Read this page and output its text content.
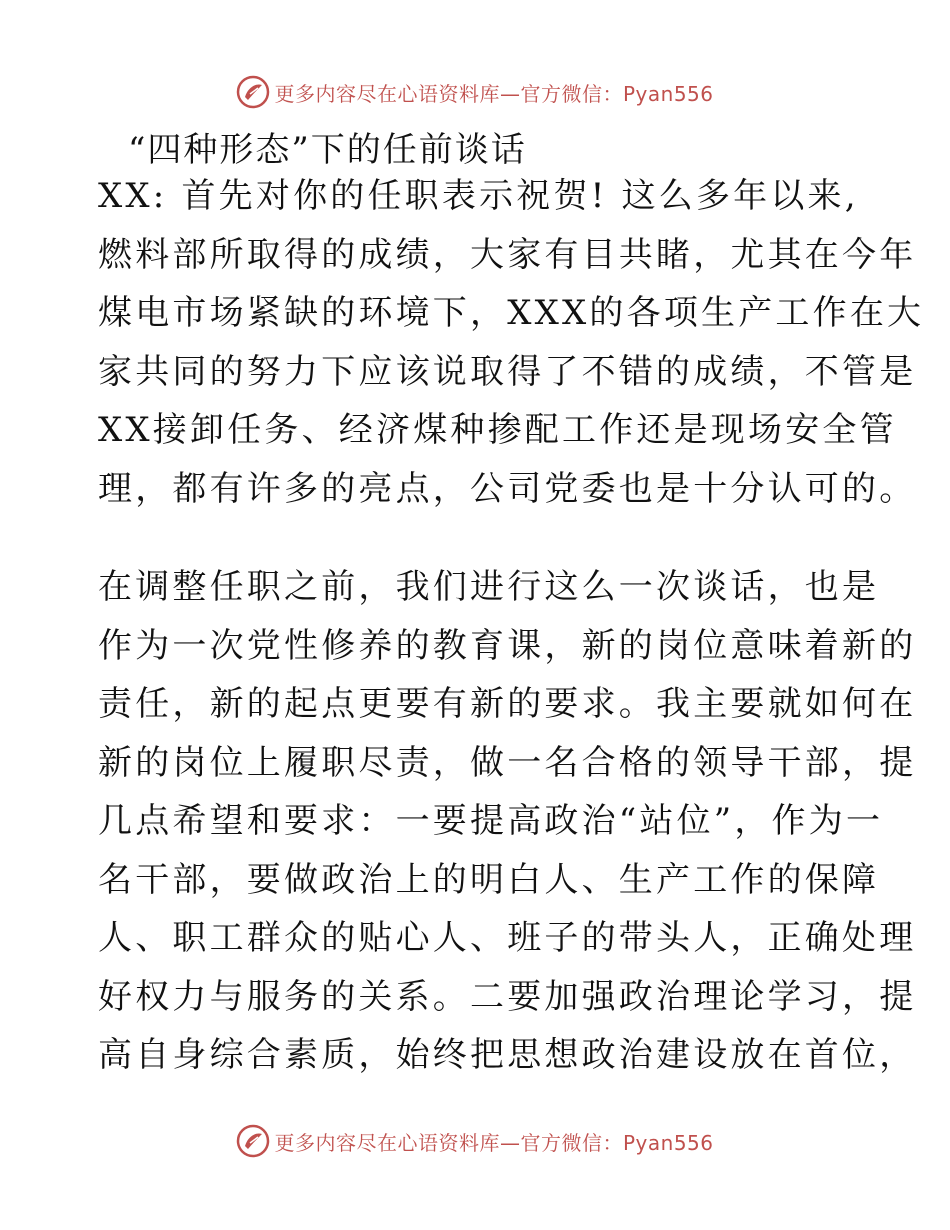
更多内容尽在心语资料库—官方微信：Pyan556
“四种形态”下的任前谈话
XX: 首先对你的任职表示祝贺! 这么多年以来,
燃料部所取得的成绩，大家有目共睹，尤其在今年
煤电市场紧缺的环境下，XXX的各项生产工作在大
家共同的努力下应该说取得了不错的成绩，不管是
XX接卸任务、经济煤种掺配工作还是现场安全管
理，都有许多的亮点，公司党委也是十分认可的。
在调整任职之前，我们进行这么一次谈话，也是
作为一次党性修养的教育课，新的岗位意味着新的
责任，新的起点更要有新的要求。我主要就如何在
新的岗位上履职尽责，做一名合格的领导干部，提
几点希望和要求：一要提高政治“站位”，作为一
名干部，要做政治上的明白人、生产工作的保障
人、职工群众的贴心人、班子的带头人，正确处理
好权力与服务的关系。二要加强政治理论学习，提
高自身综合素质，始终把思想政治建设放在首位，
更多内容尽在心语资料库—官方微信：Pyan556
